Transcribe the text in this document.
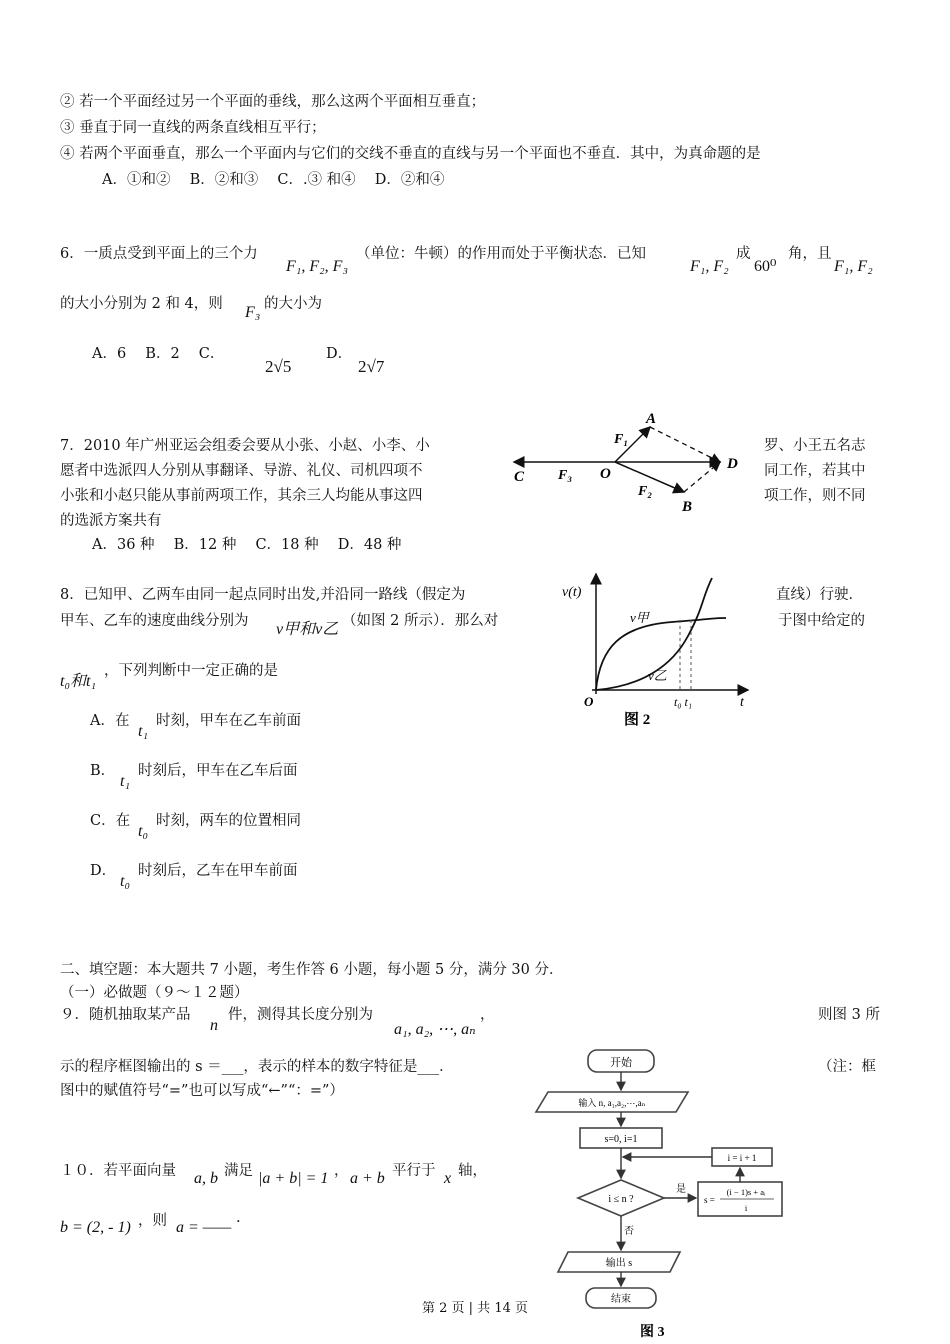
② 若一个平面经过另一个平面的垂线，那么这两个平面相互垂直；
③ 垂直于同一直线的两条直线相互平行；
④ 若两个平面垂直，那么一个平面内与它们的交线不垂直的直线与另一个平面也不垂直．其中，为真命题的是
A．①和②　 B．②和③　 C．.③ 和④　 D．②和④
6．一质点受到平面上的三个力
F₁, F₂, F₃
（单位：牛顿）的作用而处于平衡状态．已知
F₁, F₂
成
60⁰
角，且
F₁, F₂
的大小分别为 2 和 4，则 F₃ 的大小为
A．6　 B．2　 C．
2√5
D．
2√7
A
B
C
D
O
F₁
F₂
F₃
7．2010 年广州亚运会组委会要从小张、小赵、小李、小	罗、小王五名志
愿者中选派四人分别从事翻译、导游、礼仪、司机四项不	同工作，若其中
小张和小赵只能从事前两项工作，其余三人均能从事这四	项工作，则不同
的选派方案共有
A．36 种　 B．12 种　 C．18 种　 D．48 种
8．已知甲、乙两车由同一起点同时出发,并沿同一路线（假定为	直线）行驶．
甲车、乙车的速度曲线分别为 v甲和v乙 （如图 2 所示）．那么对	于图中给定的
t₀和t₁
，下列判断中一定正确的是
A．在
t₁
时刻，甲车在乙车前面
B．
t₁
时刻后，甲车在乙车后面
C．在
t₀
时刻，两车的位置相同
D．
t₀
时刻后，乙车在甲车前面
v(t)
t
O
v甲
v乙
t₀ t₁
图 2
二、填空题：本大题共 7 小题，考生作答 6 小题，每小题 5 分，满分 30 分．
（一）必做题（９～１２题）
９．随机抽取某产品
n
件，测得其长度分别为
a₁, a₂, ⋯, aₙ
，	则图 3 所
示的程序框图输出的 s ＝___，表示的样本的数字特征是___．	（注：框
图中的赋值符号“=”也可以写成“←”“：=”）
１０．若平面向量 a, b 满足 |a + b| = 1 ， a + b 平行于 x 轴，
b = (2, - 1) ，则 a = ——
.
开始
输入 n, a₁,a₂,⋯,aₙ
s=0, i=1
i ≤ n ?
是
s =
(i − 1)s + aᵢ
i
i = i + 1
否
输出 s
结束
图 3
第 2 页 | 共 14 页
